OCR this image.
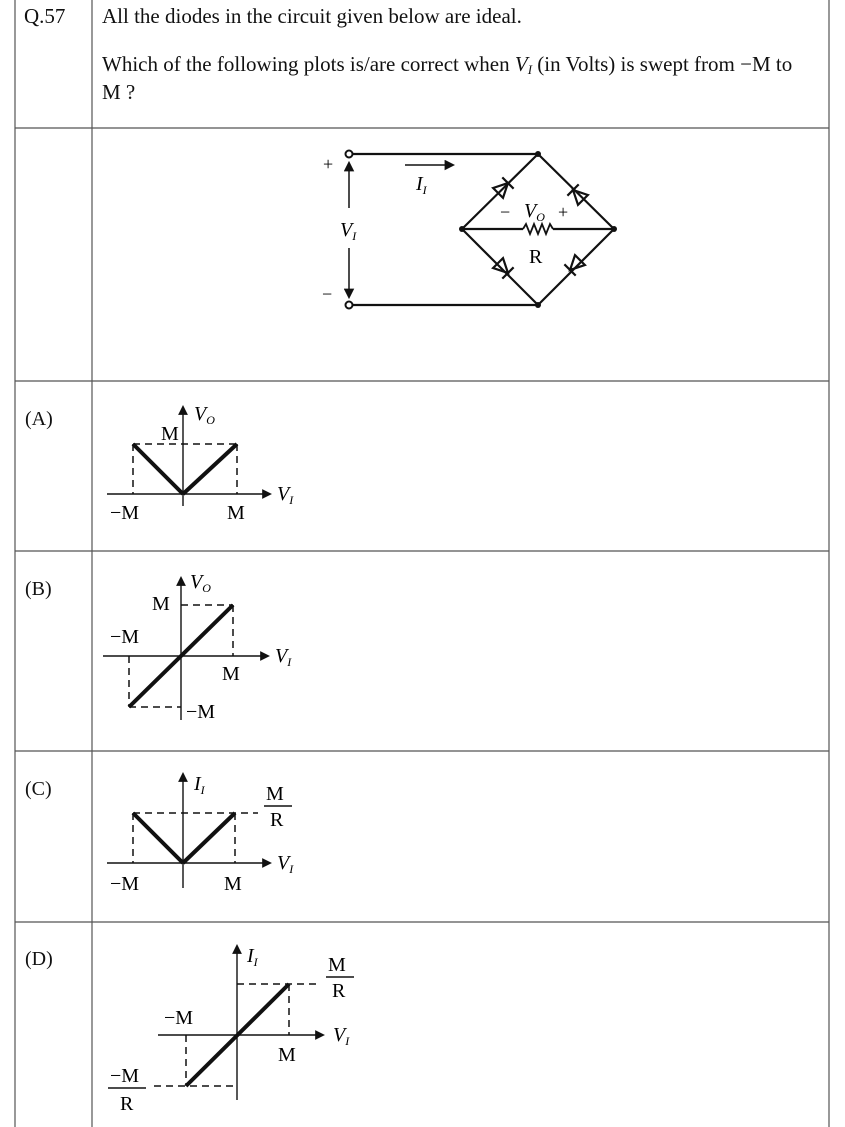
Q.57 All the diodes in the circuit given below are ideal.
Which of the following plots is/are correct when $V_I$ (in Volts) is swept from −M to
M ?
+
−
$V_I$
$I_I$
− $V_O$ +
R
(A)
(B)
(C)
(D)
$V_O$
$V_I$
−M	M
M
$V_O$
$V_I$
−M
M
M
−M
$I_I$
$V_I$
−M	M
M
R
$I_I$
$V_I$
−M
M
M
R
−M
R
